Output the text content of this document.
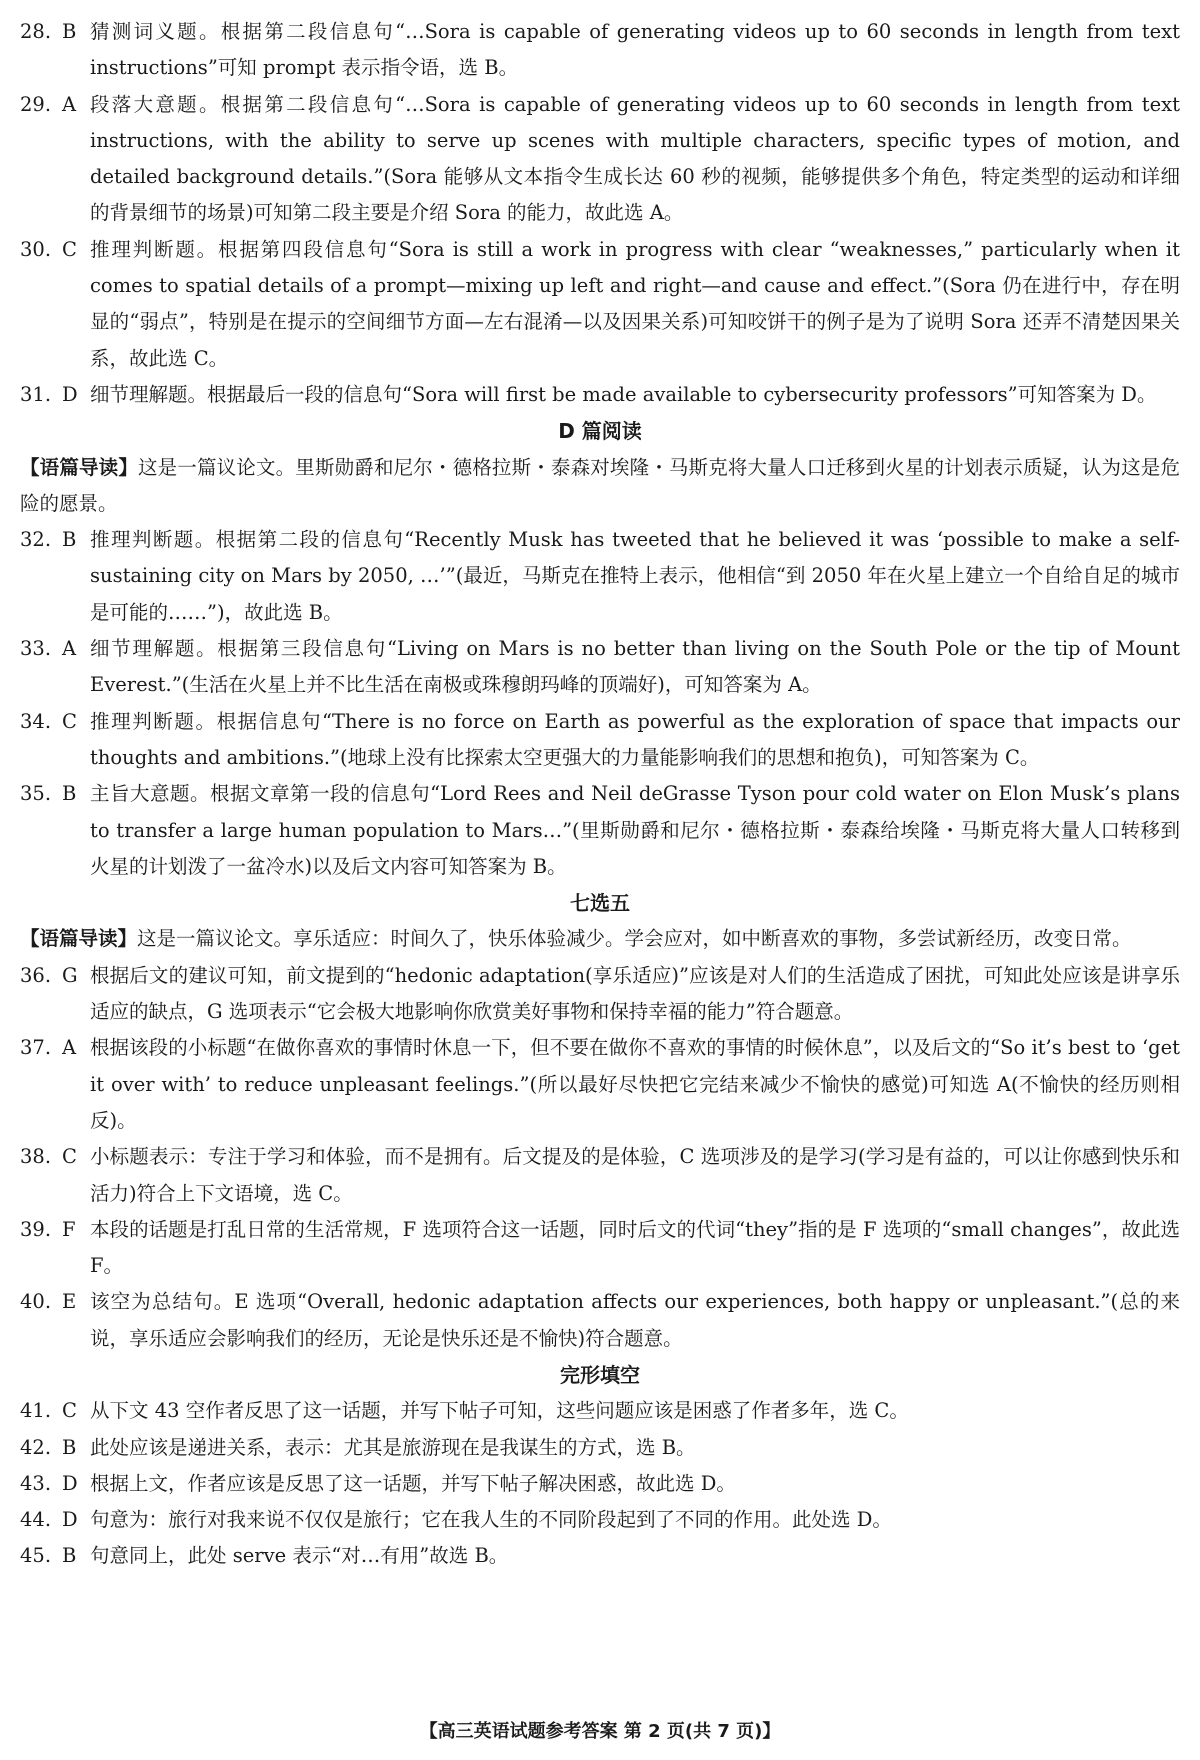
28. B 猜测词义题。根据第二段信息句“…Sora is capable of generating videos up to 60 seconds in length from text instructions”可知 prompt 表示指令语，选 B。
29. A 段落大意题。根据第二段信息句“…Sora is capable of generating videos up to 60 seconds in length from text instructions, with the ability to serve up scenes with multiple characters, specific types of motion, and detailed background details.”(Sora 能够从文本指令生成长达 60 秒的视频，能够提供多个角色，特定类型的运动和详细的背景细节的场景)可知第二段主要是介绍 Sora 的能力，故此选 A。
30. C 推理判断题。根据第四段信息句“Sora is still a work in progress with clear “weaknesses,” particularly when it comes to spatial details of a prompt—mixing up left and right—and cause and effect.”(Sora 仍在进行中，存在明显的“弱点”，特别是在提示的空间细节方面—左右混淆—以及因果关系)可知咬饼干的例子是为了说明 Sora 还弄不清楚因果关系，故此选 C。
31. D 细节理解题。根据最后一段的信息句“Sora will first be made available to cybersecurity professors”可知答案为 D。
D 篇阅读
【语篇导读】这是一篇议论文。里斯勋爵和尼尔・德格拉斯・泰森对埃隆・马斯克将大量人口迁移到火星的计划表示质疑，认为这是危险的愿景。
32. B 推理判断题。根据第二段的信息句“Recently Musk has tweeted that he believed it was ‘possible to make a self-sustaining city on Mars by 2050, …’”(最近，马斯克在推特上表示，他相信“到 2050 年在火星上建立一个自给自足的城市是可能的……”)，故此选 B。
33. A 细节理解题。根据第三段信息句“Living on Mars is no better than living on the South Pole or the tip of Mount Everest.”(生活在火星上并不比生活在南极或珠穆朗玛峰的顶端好)，可知答案为 A。
34. C 推理判断题。根据信息句“There is no force on Earth as powerful as the exploration of space that impacts our thoughts and ambitions.”(地球上没有比探索太空更强大的力量能影响我们的思想和抱负)，可知答案为 C。
35. B 主旨大意题。根据文章第一段的信息句“Lord Rees and Neil deGrasse Tyson pour cold water on Elon Musk’s plans to transfer a large human population to Mars…”(里斯勋爵和尼尔・德格拉斯・泰森给埃隆・马斯克将大量人口转移到火星的计划泼了一盆冷水)以及后文内容可知答案为 B。
七选五
【语篇导读】这是一篇议论文。享乐适应：时间久了，快乐体验减少。学会应对，如中断喜欢的事物，多尝试新经历，改变日常。
36. G 根据后文的建议可知，前文提到的“hedonic adaptation(享乐适应)”应该是对人们的生活造成了困扰，可知此处应该是讲享乐适应的缺点，G 选项表示“它会极大地影响你欣赏美好事物和保持幸福的能力”符合题意。
37. A 根据该段的小标题“在做你喜欢的事情时休息一下，但不要在做你不喜欢的事情的时候休息”，以及后文的“So it’s best to ‘get it over with’ to reduce unpleasant feelings.”(所以最好尽快把它完结来减少不愉快的感觉)可知选 A(不愉快的经历则相反)。
38. C 小标题表示：专注于学习和体验，而不是拥有。后文提及的是体验，C 选项涉及的是学习(学习是有益的，可以让你感到快乐和活力)符合上下文语境，选 C。
39. F 本段的话题是打乱日常的生活常规，F 选项符合这一话题，同时后文的代词“they”指的是 F 选项的“small changes”，故此选 F。
40. E 该空为总结句。E 选项“Overall, hedonic adaptation affects our experiences, both happy or unpleasant.”(总的来说，享乐适应会影响我们的经历，无论是快乐还是不愉快)符合题意。
完形填空
41. C 从下文 43 空作者反思了这一话题，并写下帖子可知，这些问题应该是困惑了作者多年，选 C。
42. B 此处应该是递进关系，表示：尤其是旅游现在是我谋生的方式，选 B。
43. D 根据上文，作者应该是反思了这一话题，并写下帖子解决困惑，故此选 D。
44. D 句意为：旅行对我来说不仅仅是旅行；它在我人生的不同阶段起到了不同的作用。此处选 D。
45. B 句意同上，此处 serve 表示“对…有用”故选 B。
【高三英语试题参考答案 第 2 页(共 7 页)】
